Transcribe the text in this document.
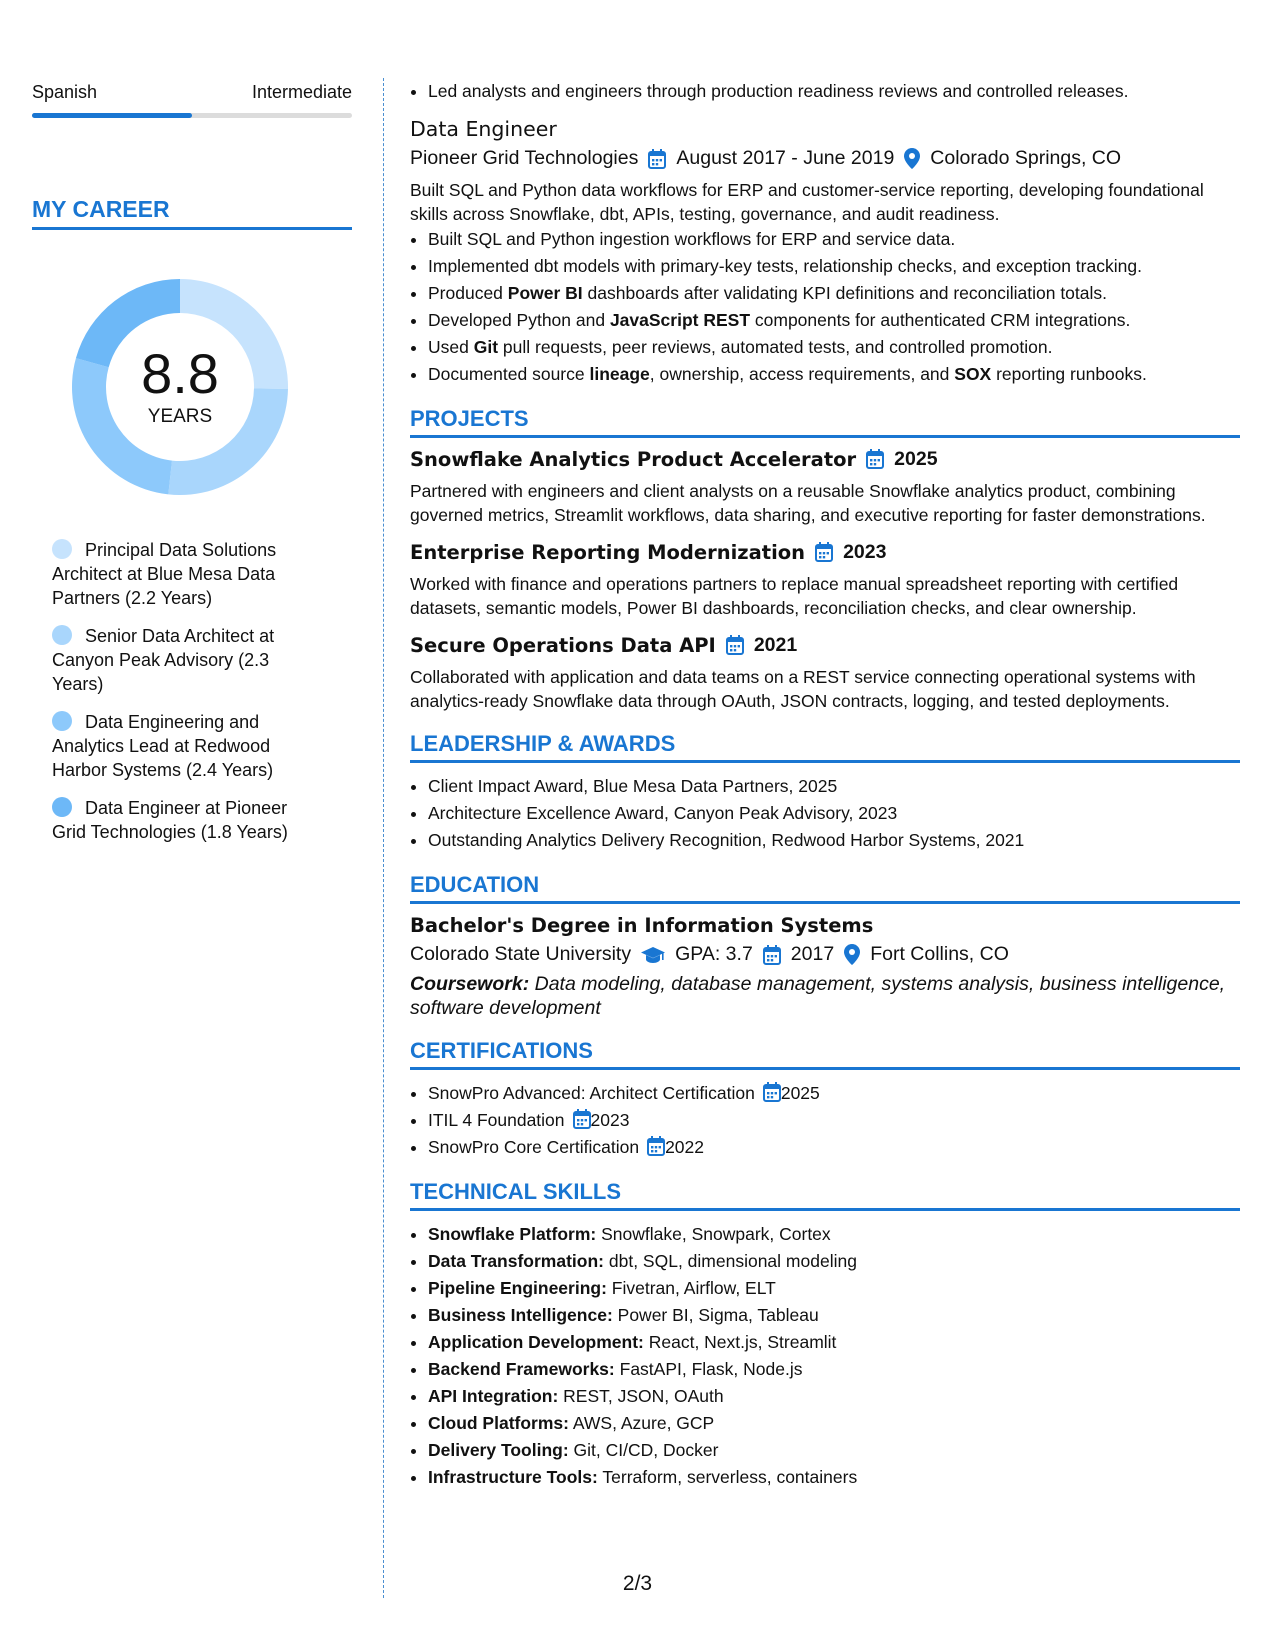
Spanish	Intermediate
MY CAREER
8.8
YEARS
Principal Data Solutions Architect at Blue Mesa Data Partners (2.2 Years)
Senior Data Architect at Canyon Peak Advisory (2.3 Years)
Data Engineering and Analytics Lead at Redwood Harbor Systems (2.4 Years)
Data Engineer at Pioneer Grid Technologies (1.8 Years)
• Led analysts and engineers through production readiness reviews and controlled releases.
Data Engineer
Pioneer Grid Technologies August 2017 - June 2019 Colorado Springs, CO
Built SQL and Python data workflows for ERP and customer-service reporting, developing foundational skills across Snowflake, dbt, APIs, testing, governance, and audit readiness.
• Built SQL and Python ingestion workflows for ERP and service data.
• Implemented dbt models with primary-key tests, relationship checks, and exception tracking.
• Produced Power BI dashboards after validating KPI definitions and reconciliation totals.
• Developed Python and JavaScript REST components for authenticated CRM integrations.
• Used Git pull requests, peer reviews, automated tests, and controlled promotion.
• Documented source lineage, ownership, access requirements, and SOX reporting runbooks.
PROJECTS
Snowflake Analytics Product Accelerator 2025
Partnered with engineers and client analysts on a reusable Snowflake analytics product, combining governed metrics, Streamlit workflows, data sharing, and executive reporting for faster demonstrations.
Enterprise Reporting Modernization 2023
Worked with finance and operations partners to replace manual spreadsheet reporting with certified datasets, semantic models, Power BI dashboards, reconciliation checks, and clear ownership.
Secure Operations Data API 2021
Collaborated with application and data teams on a REST service connecting operational systems with analytics-ready Snowflake data through OAuth, JSON contracts, logging, and tested deployments.
LEADERSHIP & AWARDS
• Client Impact Award, Blue Mesa Data Partners, 2025
• Architecture Excellence Award, Canyon Peak Advisory, 2023
• Outstanding Analytics Delivery Recognition, Redwood Harbor Systems, 2021
EDUCATION
Bachelor's Degree in Information Systems
Colorado State University GPA: 3.7 2017 Fort Collins, CO
Coursework: Data modeling, database management, systems analysis, business intelligence, software development
CERTIFICATIONS
• SnowPro Advanced: Architect Certification 2025
• ITIL 4 Foundation 2023
• SnowPro Core Certification 2022
TECHNICAL SKILLS
• Snowflake Platform: Snowflake, Snowpark, Cortex
• Data Transformation: dbt, SQL, dimensional modeling
• Pipeline Engineering: Fivetran, Airflow, ELT
• Business Intelligence: Power BI, Sigma, Tableau
• Application Development: React, Next.js, Streamlit
• Backend Frameworks: FastAPI, Flask, Node.js
• API Integration: REST, JSON, OAuth
• Cloud Platforms: AWS, Azure, GCP
• Delivery Tooling: Git, CI/CD, Docker
• Infrastructure Tools: Terraform, serverless, containers
2/3
